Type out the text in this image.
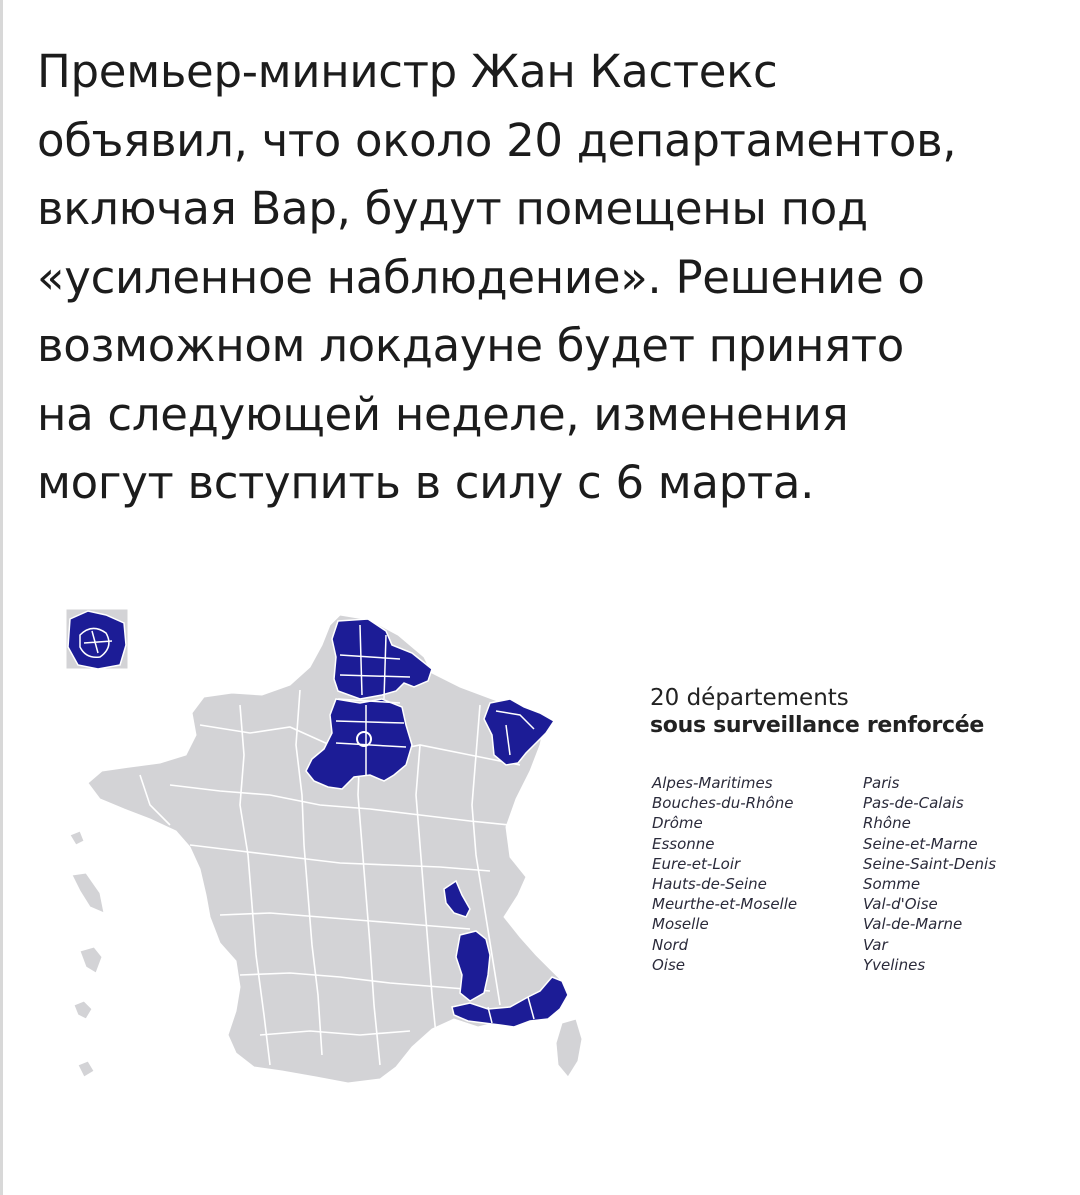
Премьер-министр Жан Кастекс
объявил, что около 20 департаментов,
включая Вар, будут помещены под
«усиленное наблюдение». Решение о
возможном локдауне будет принято
на следующей неделе, изменения
могут вступить в силу с 6 марта.
20 départements
sous surveillance renforcée
Alpes-Maritimes
Bouches-du-Rhône
Drôme
Essonne
Eure-et-Loir
Hauts-de-Seine
Meurthe-et-Moselle
Moselle
Nord
Oise
Paris
Pas-de-Calais
Rhône
Seine-et-Marne
Seine-Saint-Denis
Somme
Val-d'Oise
Val-de-Marne
Var
Yvelines
